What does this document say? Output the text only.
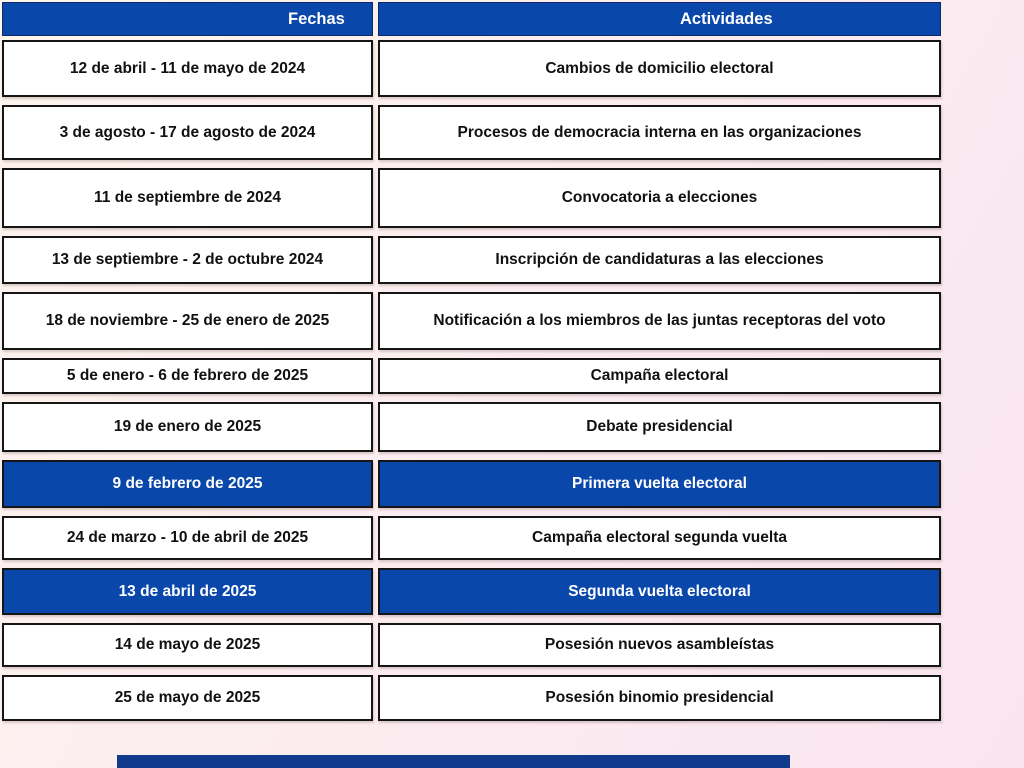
Fechas	Actividades
12 de abril - 11 de mayo de 2024	Cambios de domicilio electoral
3 de agosto - 17 de agosto de 2024	Procesos de democracia interna en las organizaciones
11 de septiembre de 2024	Convocatoria a elecciones
13 de septiembre - 2 de octubre 2024	Inscripción de candidaturas a las elecciones
18 de noviembre - 25 de enero de 2025	Notificación a los miembros de las juntas receptoras del voto
5 de enero - 6 de febrero de 2025	Campaña electoral
19 de enero de 2025	Debate presidencial
9 de febrero de 2025	Primera vuelta electoral
24 de marzo - 10 de abril de 2025	Campaña electoral segunda vuelta
13 de abril de 2025	Segunda vuelta electoral
14 de mayo de 2025	Posesión nuevos asambleístas
25 de mayo de 2025	Posesión binomio presidencial
